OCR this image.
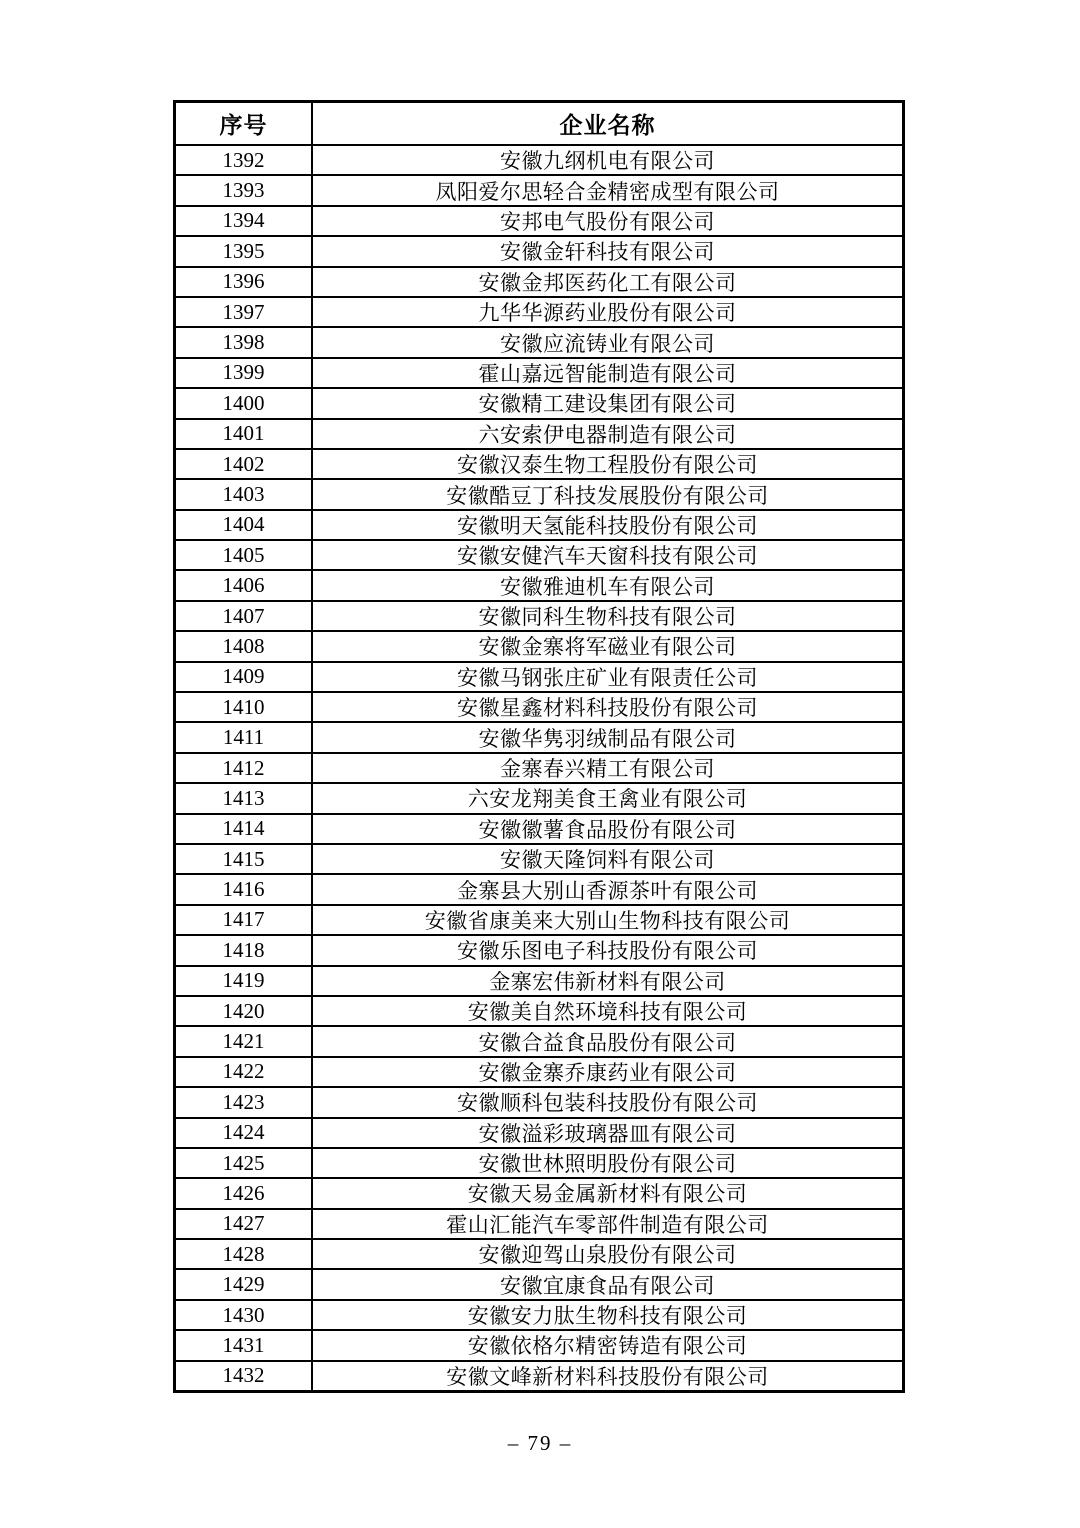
序号	企业名称
1392	安徽九纲机电有限公司
1393	凤阳爱尔思轻合金精密成型有限公司
1394	安邦电气股份有限公司
1395	安徽金轩科技有限公司
1396	安徽金邦医药化工有限公司
1397	九华华源药业股份有限公司
1398	安徽应流铸业有限公司
1399	霍山嘉远智能制造有限公司
1400	安徽精工建设集团有限公司
1401	六安索伊电器制造有限公司
1402	安徽汉泰生物工程股份有限公司
1403	安徽酷豆丁科技发展股份有限公司
1404	安徽明天氢能科技股份有限公司
1405	安徽安健汽车天窗科技有限公司
1406	安徽雅迪机车有限公司
1407	安徽同科生物科技有限公司
1408	安徽金寨将军磁业有限公司
1409	安徽马钢张庄矿业有限责任公司
1410	安徽星鑫材料科技股份有限公司
1411	安徽华隽羽绒制品有限公司
1412	金寨春兴精工有限公司
1413	六安龙翔美食王禽业有限公司
1414	安徽徽薯食品股份有限公司
1415	安徽天隆饲料有限公司
1416	金寨县大别山香源茶叶有限公司
1417	安徽省康美来大别山生物科技有限公司
1418	安徽乐图电子科技股份有限公司
1419	金寨宏伟新材料有限公司
1420	安徽美自然环境科技有限公司
1421	安徽合益食品股份有限公司
1422	安徽金寨乔康药业有限公司
1423	安徽顺科包装科技股份有限公司
1424	安徽溢彩玻璃器皿有限公司
1425	安徽世林照明股份有限公司
1426	安徽天易金属新材料有限公司
1427	霍山汇能汽车零部件制造有限公司
1428	安徽迎驾山泉股份有限公司
1429	安徽宜康食品有限公司
1430	安徽安力肽生物科技有限公司
1431	安徽依格尔精密铸造有限公司
1432	安徽文峰新材料科技股份有限公司
– 79 –
